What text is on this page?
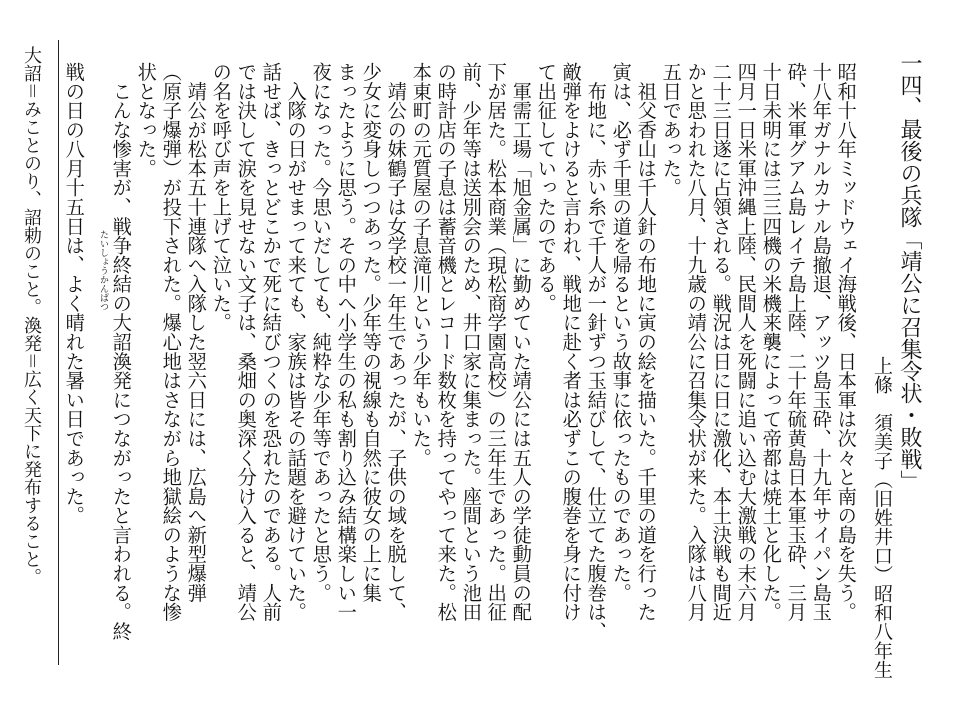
一四、最後の兵隊「靖公に召集令状・敗戦」
上條　須美子（旧姓井口）昭和八年生
昭和十八年ミッドウェイ海戦後、日本軍は次々と南の島を失う。
十八年ガナルカナル島撤退、アッツ島玉砕、十九年サイパン島玉
砕、米軍グアム島レイテ島上陸、二十年硫黄島日本軍玉砕、三月
十日未明には三三四機の米機来襲によって帝都は焼土と化した。
四月一日米軍沖縄上陸、民間人を死闘に追い込む大激戦の末六月
二十三日遂に占領される。戦況は日に日に激化、本土決戦も間近
かと思われた八月、十九歳の靖公に召集令状が来た。入隊は八月
五日であった。
　祖父香山は千人針の布地に寅の絵を描いた。千里の道を行った
寅は、必ず千里の道を帰るという故事に依ったものであった。
　布地に、赤い糸で千人が一針ずつ玉結びして、仕立てた腹巻は、
敵弾をよけると言われ、戦地に赴く者は必ずこの腹巻を身に付け
て出征していったのである。
　軍需工場「旭金属」に勤めていた靖公には五人の学徒動員の配
下が居た。松本商業（現松商学園高校）の三年生であった。出征
前、少年等は送別会のため、井口家に集まった。座間という池田
の時計店の子息は蓄音機とレコード数枚を持ってやって来た。松
本東町の元質屋の子息滝川という少年もいた。
　靖公の妹鶴子は女学校一年生であったが、子供の域を脱して、
少女に変身しつつあった。少年等の視線も自然に彼女の上に集
まったように思う。その中へ小学生の私も割り込み結構楽しい一
夜になった。今思いだしても、純粋な少年等であったと思う。
　入隊の日がせまって来ても、家族は皆その話題を避けていた。
話せば、きっとどこかで死に結びつくのを恐れたのである。人前
では決して涙を見せない文子は、桑畑の奥深く分け入ると、靖公
の名を呼び声を上げて泣いた。
　靖公が松本五十連隊へ入隊した翌六日には、広島へ新型爆弾
（原子爆弾）が投下された。爆心地はさながら地獄絵のような惨
状となった。
　こんな惨害が、戦争終結の大詔渙発につながったと言われる。終
戦の日の八月十五日は、よく晴れた暑い日であった。 たいしょうかんぱつ
大詔＝みことのり、詔勅のこと。渙発＝広く天下に発布すること。
